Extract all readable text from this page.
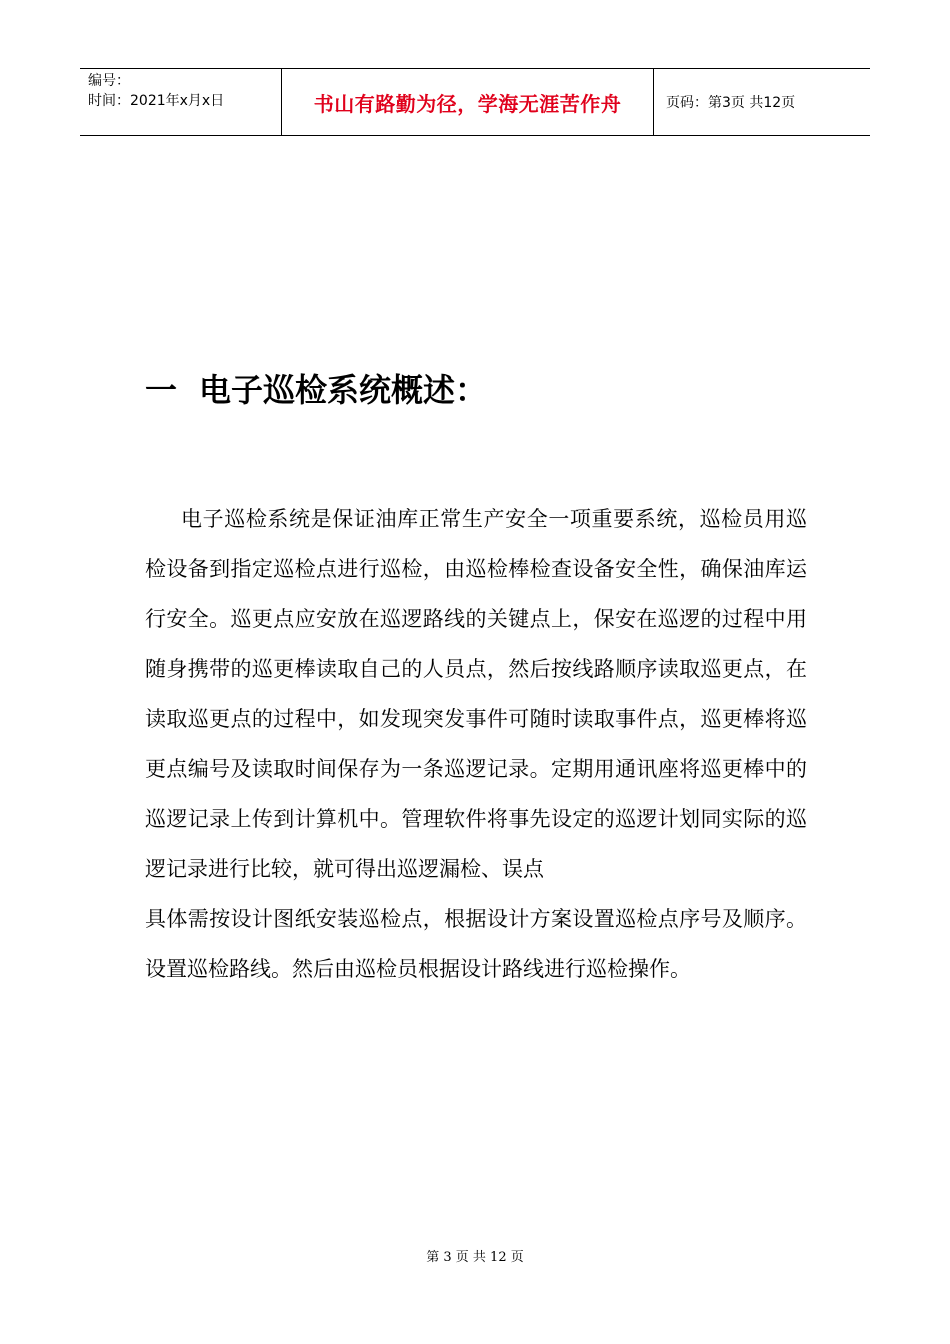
编号：
时间：2021年x月x日	书山有路勤为径，学海无涯苦作舟	页码：第3页 共12页
一 电子巡检系统概述：

电子巡检系统是保证油库正常生产安全一项重要系统，巡检员用巡检设备到指定巡检点进行巡检，由巡检棒检查设备安全性，确保油库运行安全。巡更点应安放在巡逻路线的关键点上，保安在巡逻的过程中用随身携带的巡更棒读取自己的人员点，然后按线路顺序读取巡更点，在读取巡更点的过程中，如发现突发事件可随时读取事件点，巡更棒将巡更点编号及读取时间保存为一条巡逻记录。定期用通讯座将巡更棒中的巡逻记录上传到计算机中。管理软件将事先设定的巡逻计划同实际的巡逻记录进行比较，就可得出巡逻漏检、误点

具体需按设计图纸安装巡检点，根据设计方案设置巡检点序号及顺序。设置巡检路线。然后由巡检员根据设计路线进行巡检操作。

第 3 页 共 12 页
